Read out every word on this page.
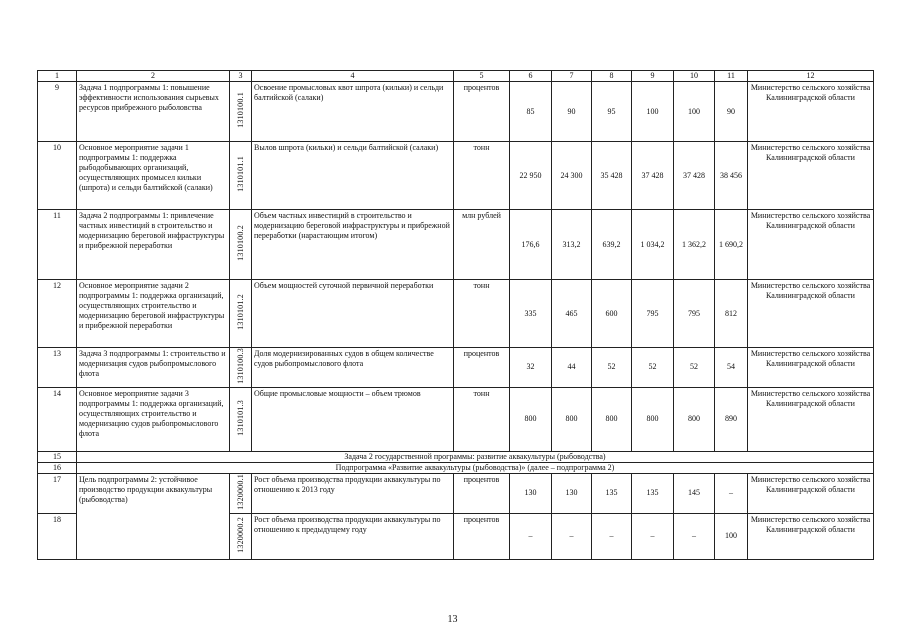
1	2	3	4	5	6	7	8	9	10	11	12
9	Задача 1 подпрограммы 1: повышение эффективности использования сырьевых ресурсов прибрежного рыболовства	1310100.1	Освоение промысловых квот шпрота (кильки) и сельди балтийской (салаки)	процентов	85	90	95	100	100	90	Министерство сельского хозяйства Калининградской области
10	Основное мероприятие задачи 1 подпрограммы 1: поддержка рыбодобывающих организаций, осуществляющих промысел кильки (шпрота) и сельди балтийской (салаки)	1310101.1	Вылов шпрота (кильки) и сельди балтийской (салаки)	тонн	22 950	24 300	35 428	37 428	37 428	38 456	Министерство сельского хозяйства Калининградской области
11	Задача 2 подпрограммы 1: привлечение частных инвестиций в строительство и модернизацию береговой инфраструктуры и прибрежной переработки	1310100.2	Объем частных инвестиций в строительство и модернизацию береговой инфраструктуры и прибрежной переработки (нарастающим итогом)	млн рублей	176,6	313,2	639,2	1 034,2	1 362,2	1 690,2	Министерство сельского хозяйства Калининградской области
12	Основное мероприятие задачи 2 подпрограммы 1: поддержка организаций, осуществляющих строительство и модернизацию береговой инфраструктуры и прибрежной переработки	1310101.2	Объем мощностей суточной первичной переработки	тонн	335	465	600	795	795	812	Министерство сельского хозяйства Калининградской области
13	Задача 3 подпрограммы 1: строительство и модернизация судов рыбопромыслового флота	1310100.3	Доля модернизированных судов в общем количестве судов рыбопромыслового флота	процентов	32	44	52	52	52	54	Министерство сельского хозяйства Калининградской области
14	Основное мероприятие задачи 3 подпрограммы 1: поддержка организаций, осуществляющих строительство и модернизацию судов рыбопромыслового флота	1310101.3	Общие промысловые мощности – объем трюмов	тонн	800	800	800	800	800	890	Министерство сельского хозяйства Калининградской области
15	Задача 2 государственной программы: развитие аквакультуры (рыбоводства)										
16	Подпрограмма «Развитие аквакультуры (рыбоводства)» (далее – подпрограмма 2)										
17	Цель подпрограммы 2: устойчивое производство продукции аквакультуры (рыбоводства)	1320000.1	Рост объема производства продукции аквакультуры по отношению к 2013 году	процентов	130	130	135	135	145	–	Министерство сельского хозяйства Калининградской области
18		1320000.2	Рост объема производства продукции аквакультуры по отношению к предыдущему году	процентов	–	–	–	–	–	100	Министерство сельского хозяйства Калининградской области
13
